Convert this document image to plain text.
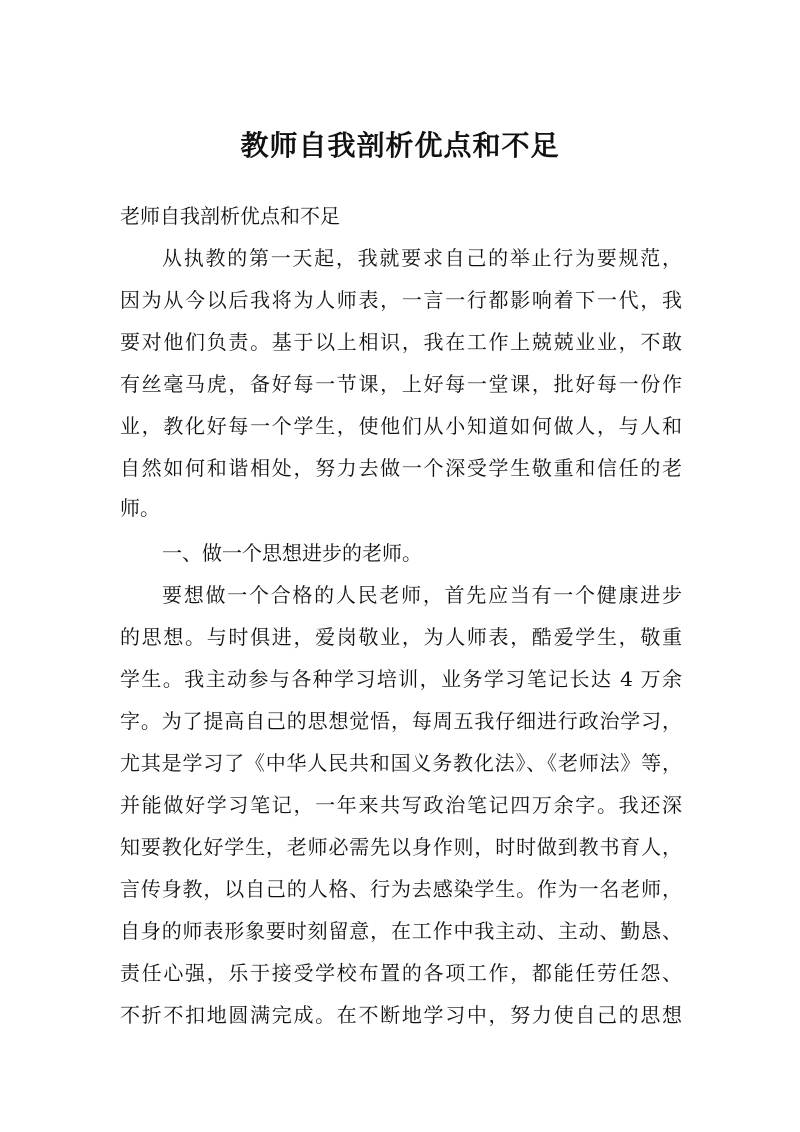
教师自我剖析优点和不足
老师自我剖析优点和不足
从执教的第一天起，我就要求自己的举止行为要规范，
因为从今以后我将为人师表，一言一行都影响着下一代，我
要对他们负责。基于以上相识，我在工作上兢兢业业，不敢
有丝毫马虎，备好每一节课，上好每一堂课，批好每一份作
业，教化好每一个学生，使他们从小知道如何做人，与人和
自然如何和谐相处，努力去做一个深受学生敬重和信任的老
师。
一、做一个思想进步的老师。
要想做一个合格的人民老师，首先应当有一个健康进步
的思想。与时俱进，爱岗敬业，为人师表，酷爱学生，敬重
学生。我主动参与各种学习培训，业务学习笔记长达 4 万余
字。为了提高自己的思想觉悟，每周五我仔细进行政治学习，
尤其是学习了《中华人民共和国义务教化法》、《老师法》等，
并能做好学习笔记，一年来共写政治笔记四万余字。我还深
知要教化好学生，老师必需先以身作则，时时做到教书育人，
言传身教，以自己的人格、行为去感染学生。作为一名老师，
自身的师表形象要时刻留意，在工作中我主动、主动、勤恳、
责任心强，乐于接受学校布置的各项工作，都能任劳任怨、
不折不扣地圆满完成。在不断地学习中，努力使自己的思想
